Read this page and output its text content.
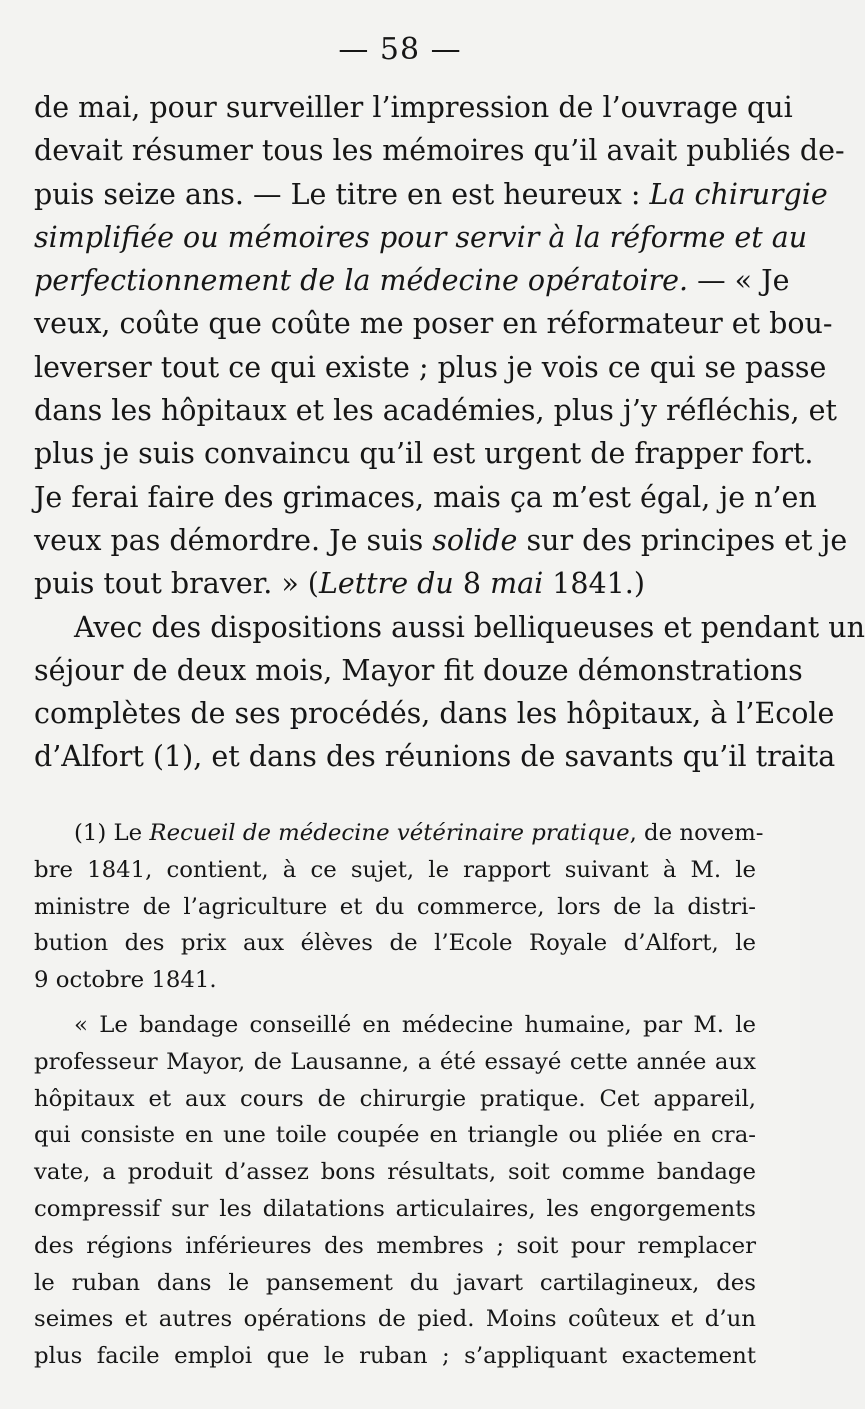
— 58 —
de mai, pour surveiller l’impression de l’ouvrage qui
devait résumer tous les mémoires qu’il avait publiés de-
puis seize ans. — Le titre en est heureux : La chirurgie
simplifiée ou mémoires pour servir à la réforme et au
perfectionnement de la médecine opératoire. — « Je
veux, coûte que coûte me poser en réformateur et bou-
leverser tout ce qui existe ; plus je vois ce qui se passe
dans les hôpitaux et les académies, plus j’y réfléchis, et
plus je suis convaincu qu’il est urgent de frapper fort.
Je ferai faire des grimaces, mais ça m’est égal, je n’en
veux pas démordre. Je suis solide sur des principes et je
puis tout braver. » (Lettre du 8 mai 1841.)
Avec des dispositions aussi belliqueuses et pendant un
séjour de deux mois, Mayor fit douze démonstrations
complètes de ses procédés, dans les hôpitaux, à l’Ecole
d’Alfort (1), et dans des réunions de savants qu’il traita
(1) Le Recueil de médecine vétérinaire pratique, de novem-
bre 1841, contient, à ce sujet, le rapport suivant à M. le
ministre de l’agriculture et du commerce, lors de la distri-
bution des prix aux élèves de l’Ecole Royale d’Alfort, le
9 octobre 1841.
« Le bandage conseillé en médecine humaine, par M. le
professeur Mayor, de Lausanne, a été essayé cette année aux
hôpitaux et aux cours de chirurgie pratique. Cet appareil,
qui consiste en une toile coupée en triangle ou pliée en cra-
vate, a produit d’assez bons résultats, soit comme bandage
compressif sur les dilatations articulaires, les engorgements
des régions inférieures des membres ; soit pour remplacer
le ruban dans le pansement du javart cartilagineux, des
seimes et autres opérations de pied. Moins coûteux et d’un
plus facile emploi que le ruban ; s’appliquant exactement
